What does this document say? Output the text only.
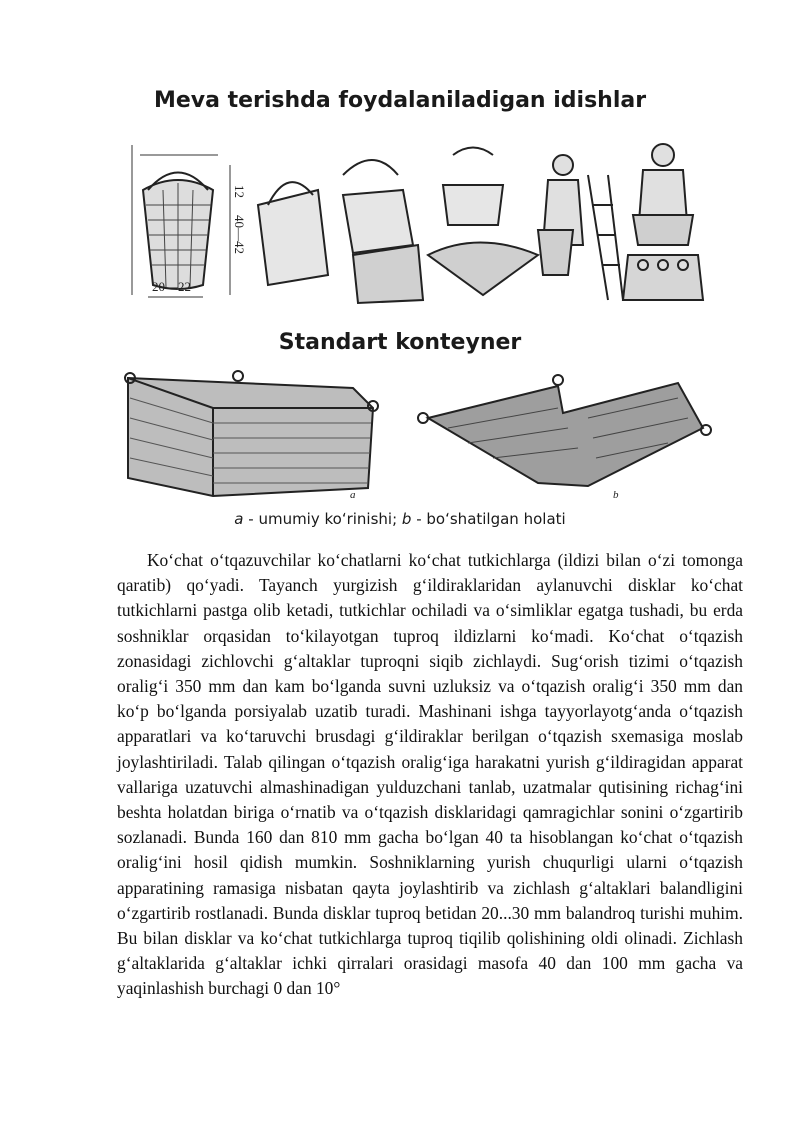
Meva terishda foydalaniladigan idishlar
12
40—42
20—22
Standart konteyner
a	b
a - umumiy koʻrinishi; b - boʻshatilgan holati

Koʻchat oʻtqazuvchilar koʻchatlarni koʻchat tutkichlarga (ildizi bilan oʻzi tomonga qaratib) qoʻyadi. Tayanch yurgizish gʻildiraklaridan aylanuvchi disklar koʻchat tutkichlarni pastga olib ketadi, tutkichlar ochiladi va oʻsimliklar egatga tushadi, bu erda soshniklar orqasidan toʻkilayotgan tuproq ildizlarni koʻmadi. Koʻchat oʻtqazish zonasidagi zichlovchi gʻaltaklar tuproqni siqib zichlaydi. Sugʻorish tizimi oʻtqazish oraligʻi 350 mm dan kam boʻlganda suvni uzluksiz va oʻtqazish oraligʻi 350 mm dan koʻp boʻlganda porsiyalab uzatib turadi. Mashinani ishga tayyorlayotgʻanda oʻtqazish apparatlari va koʻtaruvchi brusdagi gʻildiraklar berilgan oʻtqazish sxemasiga moslab joylashtiriladi. Talab qilingan oʻtqazish oraligʻiga harakatni yurish gʻildiragidan apparat vallariga uzatuvchi almashinadigan yulduzchani tanlab, uzatmalar qutisining richagʻini beshta holatdan biriga oʻrnatib va oʻtqazish disklaridagi qamragichlar sonini oʻzgartirib sozlanadi. Bunda 160 dan 810 mm gacha boʻlgan 40 ta hisoblangan koʻchat oʻtqazish oraligʻini hosil qidish mumkin. Soshniklarning yurish chuqurligi ularni oʻtqazish apparatining ramasiga nisbatan qayta joylashtirib va zichlash gʻaltaklari balandligini oʻzgartirib rostlanadi. Bunda disklar tuproq betidan 20...30 mm balandroq turishi muhim. Bu bilan disklar va koʻchat tutkichlarga tuproq tiqilib qolishining oldi olinadi. Zichlash gʻaltaklarida gʻaltaklar ichki qirralari orasidagi masofa 40 dan 100 mm gacha va yaqinlashish burchagi 0 dan 10°
